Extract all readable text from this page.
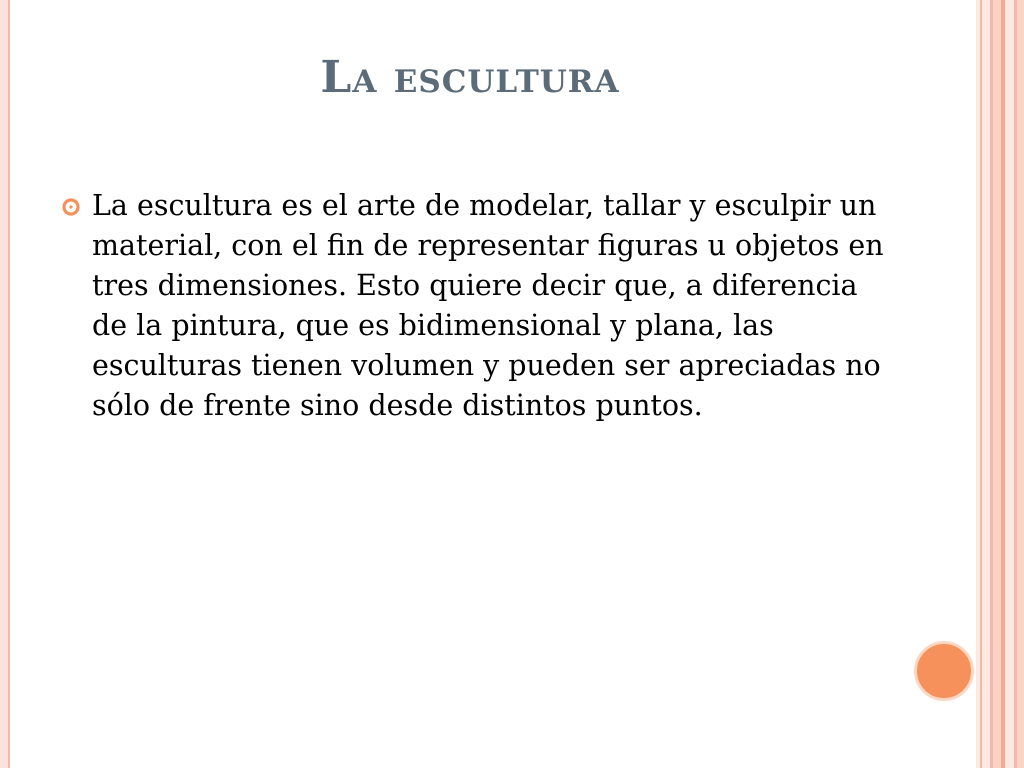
La escultura
La escultura es el arte de modelar, tallar y esculpir un material, con el fin de representar figuras u objetos en tres dimensiones. Esto quiere decir que, a diferencia de la pintura, que es bidimensional y plana, las esculturas tienen volumen y pueden ser apreciadas no sólo de frente sino desde distintos puntos.
